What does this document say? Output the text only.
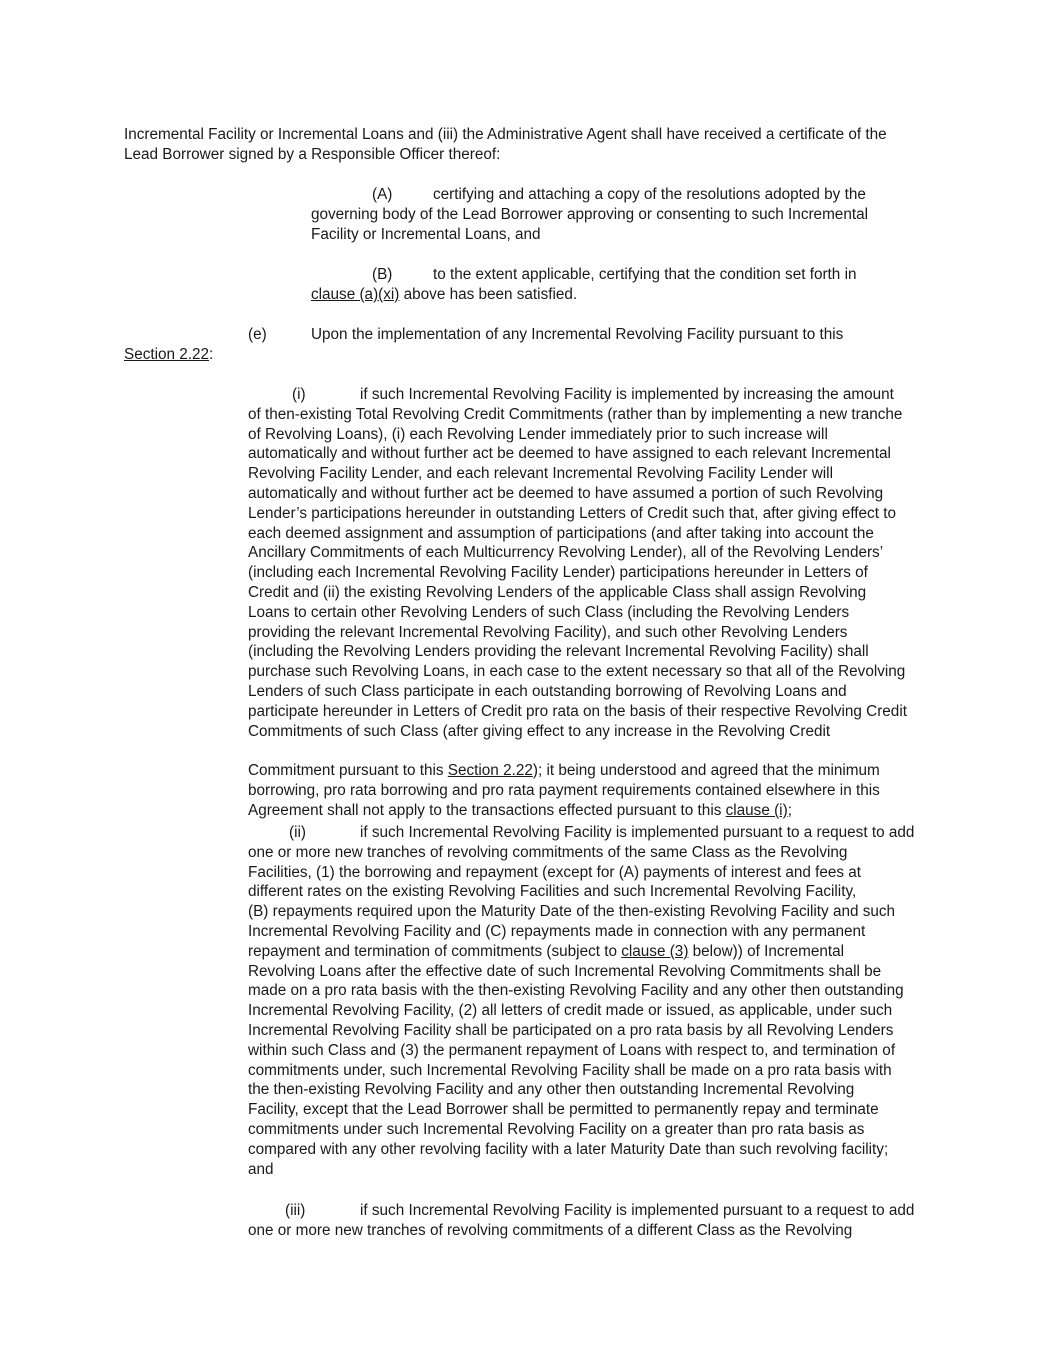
Incremental Facility or Incremental Loans and (iii) the Administrative Agent shall have received a certificate of the
Lead Borrower signed by a Responsible Officer thereof:
(A)	certifying and attaching a copy of the resolutions adopted by the
governing body of the Lead Borrower approving or consenting to such Incremental
Facility or Incremental Loans, and
(B)	to the extent applicable, certifying that the condition set forth in
clause (a)(xi) above has been satisfied.
(e)	Upon the implementation of any Incremental Revolving Facility pursuant to this
Section 2.22:
(i)	if such Incremental Revolving Facility is implemented by increasing the amount
of then-existing Total Revolving Credit Commitments (rather than by implementing a new tranche
of Revolving Loans), (i) each Revolving Lender immediately prior to such increase will
automatically and without further act be deemed to have assigned to each relevant Incremental
Revolving Facility Lender, and each relevant Incremental Revolving Facility Lender will
automatically and without further act be deemed to have assumed a portion of such Revolving
Lender’s participations hereunder in outstanding Letters of Credit such that, after giving effect to
each deemed assignment and assumption of participations (and after taking into account the
Ancillary Commitments of each Multicurrency Revolving Lender), all of the Revolving Lenders’
(including each Incremental Revolving Facility Lender) participations hereunder in Letters of
Credit and (ii) the existing Revolving Lenders of the applicable Class shall assign Revolving
Loans to certain other Revolving Lenders of such Class (including the Revolving Lenders
providing the relevant Incremental Revolving Facility), and such other Revolving Lenders
(including the Revolving Lenders providing the relevant Incremental Revolving Facility) shall
purchase such Revolving Loans, in each case to the extent necessary so that all of the Revolving
Lenders of such Class participate in each outstanding borrowing of Revolving Loans and
participate hereunder in Letters of Credit pro rata on the basis of their respective Revolving Credit
Commitments of such Class (after giving effect to any increase in the Revolving Credit
Commitment pursuant to this Section 2.22); it being understood and agreed that the minimum
borrowing, pro rata borrowing and pro rata payment requirements contained elsewhere in this
Agreement shall not apply to the transactions effected pursuant to this clause (i);
(ii)	if such Incremental Revolving Facility is implemented pursuant to a request to add
one or more new tranches of revolving commitments of the same Class as the Revolving
Facilities, (1) the borrowing and repayment (except for (A) payments of interest and fees at
different rates on the existing Revolving Facilities and such Incremental Revolving Facility,
(B) repayments required upon the Maturity Date of the then-existing Revolving Facility and such
Incremental Revolving Facility and (C) repayments made in connection with any permanent
repayment and termination of commitments (subject to clause (3) below)) of Incremental
Revolving Loans after the effective date of such Incremental Revolving Commitments shall be
made on a pro rata basis with the then-existing Revolving Facility and any other then outstanding
Incremental Revolving Facility, (2) all letters of credit made or issued, as applicable, under such
Incremental Revolving Facility shall be participated on a pro rata basis by all Revolving Lenders
within such Class and (3) the permanent repayment of Loans with respect to, and termination of
commitments under, such Incremental Revolving Facility shall be made on a pro rata basis with
the then-existing Revolving Facility and any other then outstanding Incremental Revolving
Facility, except that the Lead Borrower shall be permitted to permanently repay and terminate
commitments under such Incremental Revolving Facility on a greater than pro rata basis as
compared with any other revolving facility with a later Maturity Date than such revolving facility;
and
(iii)	if such Incremental Revolving Facility is implemented pursuant to a request to add
one or more new tranches of revolving commitments of a different Class as the Revolving
